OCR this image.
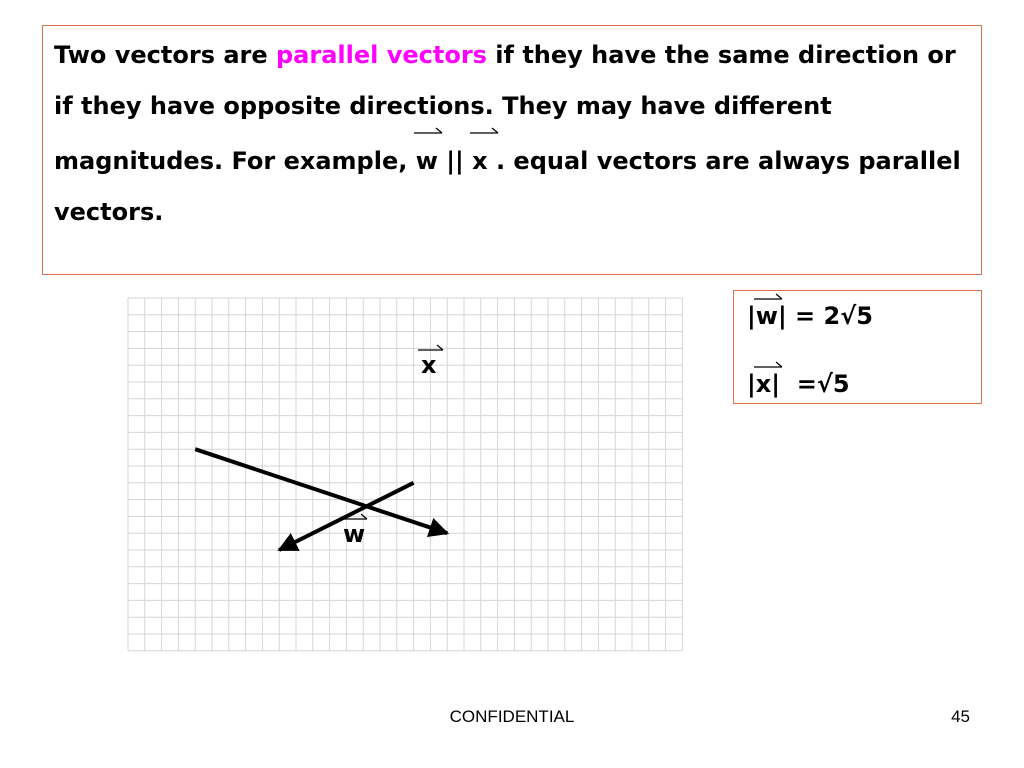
Two vectors are parallel vectors if they have the same direction or if they have opposite directions. They may have different magnitudes. For example,
w ||
x . equal vectors are always parallel vectors.

|
w| = 2√5
|
x|  =√5
x
w
CONFIDENTIAL	45
